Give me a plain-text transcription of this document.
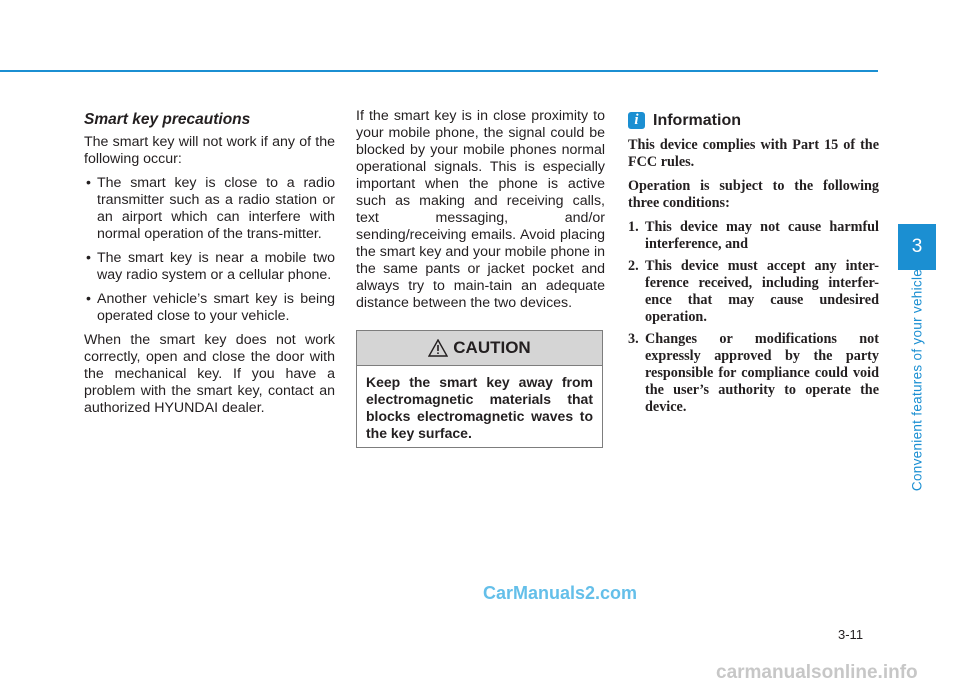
Smart key precautions

The smart key will not work if any of the following occur:

• The smart key is close to a radio transmitter such as a radio station or an airport which can interfere with normal operation of the trans-mitter.
• The smart key is near a mobile two way radio system or a cellular phone.
• Another vehicle’s smart key is being operated close to your vehicle.

When the smart key does not work correctly, open and close the door with the mechanical key. If you have a problem with the smart key, contact an authorized HYUNDAI dealer.

If the smart key is in close proximity to your mobile phone, the signal could be blocked by your mobile phones normal operational signals. This is especially important when the phone is active such as making and receiving calls, text messaging, and/or sending/receiving emails. Avoid placing the smart key and your mobile phone in the same pants or jacket pocket and always try to main-tain an adequate distance between the two devices.

CAUTION
Keep the smart key away from electromagnetic materials that blocks electromagnetic waves to the key surface.
i Information

This device complies with Part 15 of the FCC rules.

Operation is subject to the following three conditions:

1. This device may not cause harmful interference, and
2. This device must accept any inter-ference received, including interfer-ence that may cause undesired operation.
3. Changes or modifications not expressly approved by the party responsible for compliance could void the user’s authority to operate the device.
3
Convenient features of your vehicle
3-11
CarManuals2.com
carmanualsonline.info
